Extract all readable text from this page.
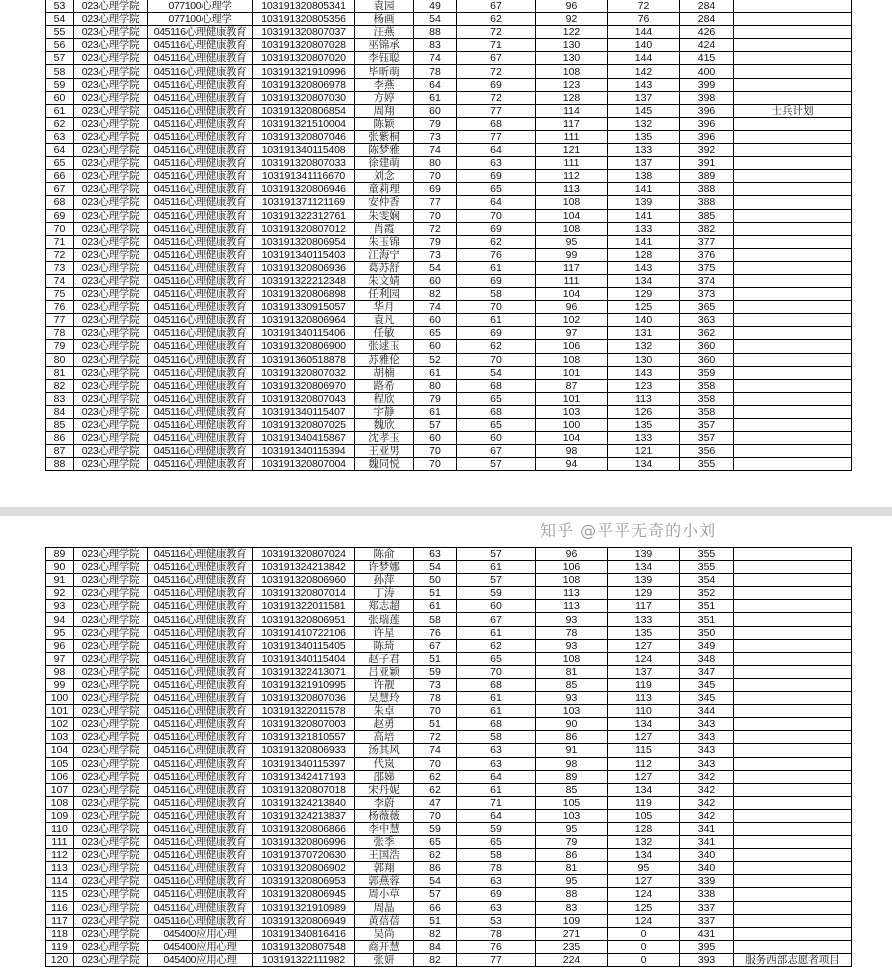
53	023心理学院	077100心理学	103191320805341	袁园	49	67	96	72	284	
54	023心理学院	077100心理学	103191320805356	杨画	54	62	92	76	284	
55	023心理学院	045116心理健康教育	103191320807037	汪燕	88	72	122	144	426	
56	023心理学院	045116心理健康教育	103191320807028	巫锦承	83	71	130	140	424	
57	023心理学院	045116心理健康教育	103191320807020	李钰聪	74	67	130	144	415	
58	023心理学院	045116心理健康教育	103191321910996	毕昕萌	78	72	108	142	400	
59	023心理学院	045116心理健康教育	103191320806978	李燕	64	69	123	143	399	
60	023心理学院	045116心理健康教育	103191320807030	方婷	61	72	128	137	398	
61	023心理学院	045116心理健康教育	103191320806854	周翔	60	77	114	145	396	士兵计划
62	023心理学院	045116心理健康教育	103191321510004	陈颖	79	68	117	132	396	
63	023心理学院	045116心理健康教育	103191320807046	张紫桐	73	77	111	135	396	
64	023心理学院	045116心理健康教育	103191340115408	陈梦雅	74	64	121	133	392	
65	023心理学院	045116心理健康教育	103191320807033	徐建萌	80	63	111	137	391	
66	023心理学院	045116心理健康教育	103191341116670	刘念	70	69	112	138	389	
67	023心理学院	045116心理健康教育	103191320806946	童莉理	69	65	113	141	388	
68	023心理学院	045116心理健康教育	103191371121169	安仲香	77	64	108	139	388	
69	023心理学院	045116心理健康教育	103191322312761	朱雯娴	70	70	104	141	385	
70	023心理学院	045116心理健康教育	103191320807012	肖霞	72	69	108	133	382	
71	023心理学院	045116心理健康教育	103191320806954	朱玉锦	79	62	95	141	377	
72	023心理学院	045116心理健康教育	103191340115403	江海宁	73	76	99	128	376	
73	023心理学院	045116心理健康教育	103191320806936	葛苏舒	54	61	117	143	375	
74	023心理学院	045116心理健康教育	103191322212348	朱文婧	60	69	111	134	374	
75	023心理学院	045116心理健康教育	103191320806898	任利园	82	58	104	129	373	
76	023心理学院	045116心理健康教育	103191330915057	华月	74	70	96	125	365	
77	023心理学院	045116心理健康教育	103191320806964	袁凡	60	61	102	140	363	
78	023心理学院	045116心理健康教育	103191340115406	任敏	65	69	97	131	362	
79	023心理学院	045116心理健康教育	103191320806900	张逑玉	60	62	106	132	360	
80	023心理学院	045116心理健康教育	103191360518878	苏雅伦	52	70	108	130	360	
81	023心理学院	045116心理健康教育	103191320807032	胡楠	61	54	101	143	359	
82	023心理学院	045116心理健康教育	103191320806970	路希	80	68	87	123	358	
83	023心理学院	045116心理健康教育	103191320807043	程欣	79	65	101	113	358	
84	023心理学院	045116心理健康教育	103191340115407	宇静	61	68	103	126	358	
85	023心理学院	045116心理健康教育	103191320807025	魏欣	57	65	100	135	357	
86	023心理学院	045116心理健康教育	103191340415867	沈孝玉	60	60	104	133	357	
87	023心理学院	045116心理健康教育	103191340115394	王亚男	70	67	98	121	356	
88	023心理学院	045116心理健康教育	103191320807004	魏同悦	70	57	94	134	355	
89	023心理学院	045116心理健康教育	103191320807024	陈俞	63	57	96	139	355	
90	023心理学院	045116心理健康教育	103191324213842	许梦娜	54	61	106	134	355	
91	023心理学院	045116心理健康教育	103191320806960	孙萍	50	57	108	139	354	
92	023心理学院	045116心理健康教育	103191320807014	丁涛	51	59	113	129	352	
93	023心理学院	045116心理健康教育	103191322011581	郑志超	61	60	113	117	351	
94	023心理学院	045116心理健康教育	103191320806951	张瑞莲	58	67	93	133	351	
95	023心理学院	045116心理健康教育	103191410722106	许星	76	61	78	135	350	
96	023心理学院	045116心理健康教育	103191340115405	陈琦	67	62	93	127	349	
97	023心理学院	045116心理健康教育	103191340115404	赵子君	51	65	108	124	348	
98	023心理学院	045116心理健康教育	103191322413071	吕亚颖	59	70	81	137	347	
99	023心理学院	045116心理健康教育	103191321910995	许靓	73	68	85	119	345	
100	023心理学院	045116心理健康教育	103191320807036	吴慧玲	78	61	93	113	345	
101	023心理学院	045116心理健康教育	103191322011578	朱卓	70	61	103	110	344	
102	023心理学院	045116心理健康教育	103191320807003	赵勇	51	68	90	134	343	
103	023心理学院	045116心理健康教育	103191321810557	高培	72	58	86	127	343	
104	023心理学院	045116心理健康教育	103191320806933	汤其风	74	63	91	115	343	
105	023心理学院	045116心理健康教育	103191340115397	代岚	70	63	98	112	343	
106	023心理学院	045116心理健康教育	103191342417193	邵娣	62	64	89	127	342	
107	023心理学院	045116心理健康教育	103191320807018	宋丹妮	62	61	85	134	342	
108	023心理学院	045116心理健康教育	103191324213840	李蔚	47	71	105	119	342	
109	023心理学院	045116心理健康教育	103191324213837	杨薇薇	70	64	103	105	342	
110	023心理学院	045116心理健康教育	103191320806866	李中慧	59	59	95	128	341	
111	023心理学院	045116心理健康教育	103191320806996	张季	65	65	79	132	341	
112	023心理学院	045116心理健康教育	103191370720630	王国浩	62	58	86	134	340	
113	023心理学院	045116心理健康教育	103191320806902	郭翔	86	78	81	95	340	
114	023心理学院	045116心理健康教育	103191320806953	郭燕蓉	54	63	95	127	339	
115	023心理学院	045116心理健康教育	103191320806945	周小草	57	69	88	124	338	
116	023心理学院	045116心理健康教育	103191321910989	周晶	66	63	83	125	337	
117	023心理学院	045116心理健康教育	103191320806949	黄蓓蓓	51	53	109	124	337	
118	023心理学院	045400应用心理	103191340816416	吴尚	82	78	271	0	431	
119	023心理学院	045400应用心理	103191320807548	商开慧	84	76	235	0	395	
120	023心理学院	045400应用心理	103191322111982	张妍	82	77	224	0	393	服务西部志愿者项目
知乎 @平平无奇的小刘
